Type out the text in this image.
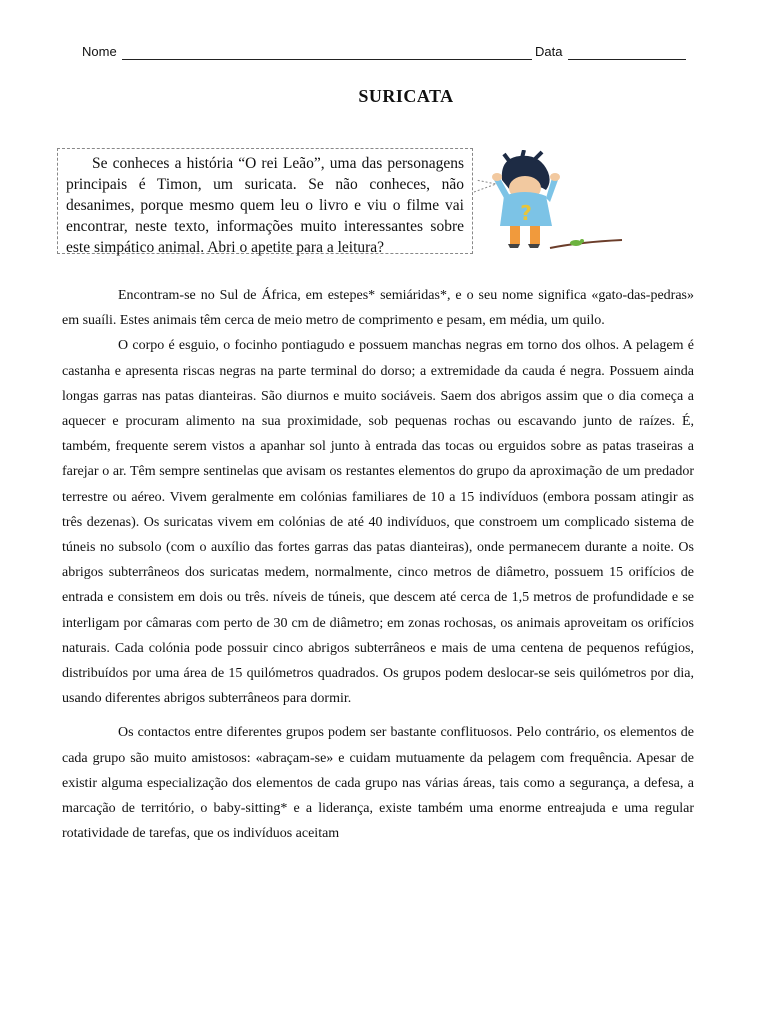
Nome	Data
SURICATA

Se conheces a história “O rei Leão”, uma das personagens principais é Timon, um suricata. Se não conheces, não desanimes, porque mesmo quem leu o livro e viu o filme vai encontrar, neste texto, informações muito interessantes sobre este simpático animal. Abri o apetite para a leitura?

?

Encontram-se no Sul de África, em estepes* semiáridas*, e o seu nome significa «gato-das-pedras» em suaíli. Estes animais têm cerca de meio metro de comprimento e pesam, em média, um quilo.

O corpo é esguio, o focinho pontiagudo e possuem manchas negras em torno dos olhos. A pelagem é castanha e apresenta riscas negras na parte terminal do dorso; a extremidade da cauda é negra. Possuem ainda longas garras nas patas dianteiras. São diurnos e muito sociáveis. Saem dos abrigos assim que o dia começa a aquecer e procuram alimento na sua proximidade, sob pequenas rochas ou escavando junto de raízes. É, também, frequente serem vistos a apanhar sol junto à entrada das tocas ou erguidos sobre as patas traseiras a farejar o ar. Têm sempre sentinelas que avisam os restantes elementos do grupo da aproximação de um predador terrestre ou aéreo. Vivem geralmente em colónias familiares de 10 a 15 indivíduos (embora possam atingir as três dezenas). Os suricatas vivem em colónias de até 40 indivíduos, que constroem um complicado sistema de túneis no subsolo (com o auxílio das fortes garras das patas dianteiras), onde permanecem durante a noite. Os abrigos subterrâneos dos suricatas medem, normalmente, cinco metros de diâmetro, possuem 15 orifícios de entrada e consistem em dois ou três. níveis de túneis, que descem até cerca de 1,5 metros de profundidade e se interligam por câmaras com perto de 30 cm de diâmetro; em zonas rochosas, os animais aproveitam os orifícios naturais. Cada colónia pode possuir cinco abrigos subterrâneos e mais de uma centena de pequenos refúgios, distribuídos por uma área de 15 quilómetros quadrados. Os grupos podem deslocar-se seis quilómetros por dia, usando diferentes abrigos subterrâneos para dormir.

Os contactos entre diferentes grupos podem ser bastante conflituosos. Pelo contrário, os elementos de cada grupo são muito amistosos: «abraçam-se» e cuidam mutuamente da pelagem com frequência. Apesar de existir alguma especialização dos elementos de cada grupo nas várias áreas, tais como a segurança, a defesa, a marcação de território, o baby-sitting* e a liderança, existe também uma enorme entreajuda e uma regular rotatividade de tarefas, que os indivíduos aceitam
